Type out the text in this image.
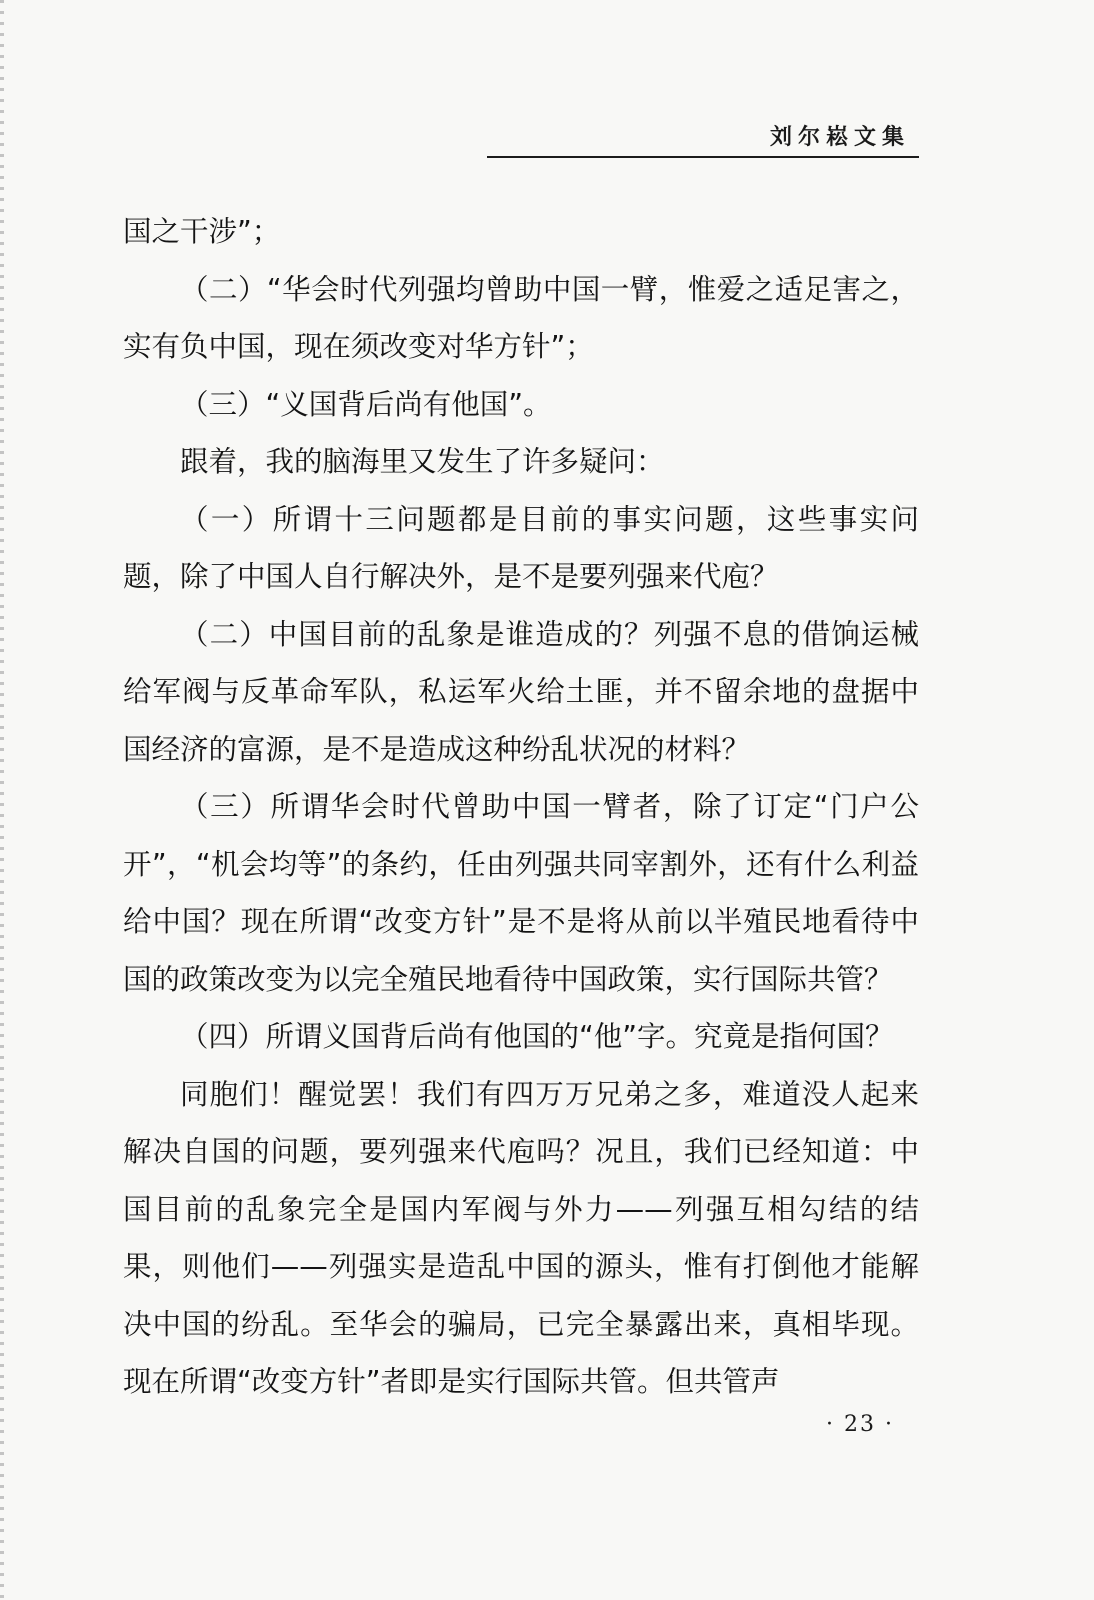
刘尔崧文集

国之干涉”；

（二）“华会时代列强均曾助中国一臂，惟爱之适足害之，实有负中国，现在须改变对华方针”；

（三）“义国背后尚有他国”。

跟着，我的脑海里又发生了许多疑问：

（一）所谓十三问题都是目前的事实问题，这些事实问题，除了中国人自行解决外，是不是要列强来代庖？

（二）中国目前的乱象是谁造成的？列强不息的借饷运械给军阀与反革命军队，私运军火给土匪，并不留余地的盘据中国经济的富源，是不是造成这种纷乱状况的材料？

（三）所谓华会时代曾助中国一臂者，除了订定“门户公开”，“机会均等”的条约，任由列强共同宰割外，还有什么利益给中国？现在所谓“改变方针”是不是将从前以半殖民地看待中国的政策改变为以完全殖民地看待中国政策，实行国际共管？

（四）所谓义国背后尚有他国的“他”字。究竟是指何国？

同胞们！醒觉罢！我们有四万万兄弟之多，难道没人起来解决自国的问题，要列强来代庖吗？况且，我们已经知道：中国目前的乱象完全是国内军阀与外力——列强互相勾结的结果，则他们——列强实是造乱中国的源头，惟有打倒他才能解决中国的纷乱。至华会的骗局，已完全暴露出来，真相毕现。现在所谓“改变方针”者即是实行国际共管。但共管声

· 23 ·
